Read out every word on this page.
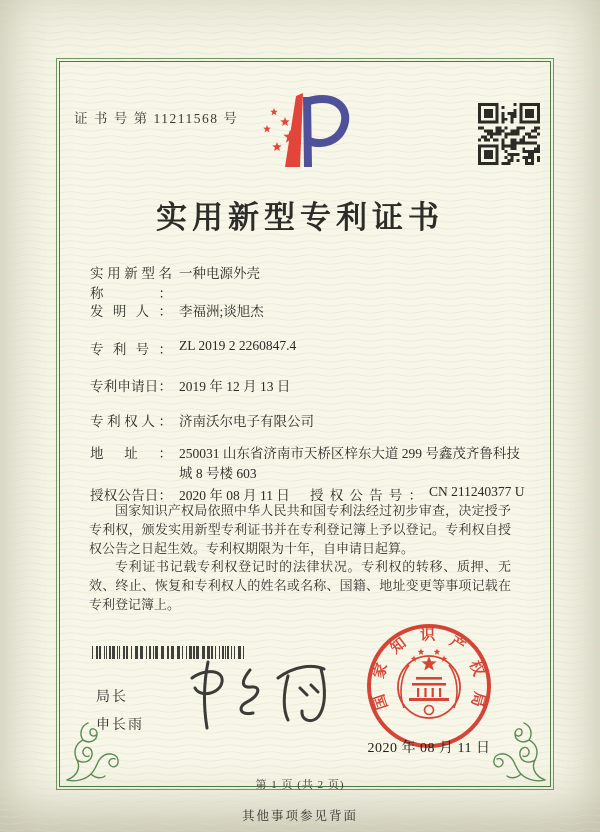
证 书 号 第 11211568 号
实用新型专利证书
实用新型名称：
一种电源外壳
发明人： 李福洲;谈旭杰
专利号： ZL 2019 2 2260847.4
专利申请日： 2019 年 12 月 13 日
专利权人： 济南沃尔电子有限公司
地址： 250031 山东省济南市天桥区梓东大道 299 号鑫茂齐鲁科技
城 8 号楼 603
授权公告日： 2020 年 08 月 11 日 授权公告号： CN 211240377 U

国家知识产权局依照中华人民共和国专利法经过初步审查，决定授予专利权，颁发实用新型专利证书并在专利登记簿上予以登记。专利权自授权公告之日起生效。专利权期限为十年，自申请日起算。

专利证书记载专利权登记时的法律状况。专利权的转移、质押、无效、终止、恢复和专利权人的姓名或名称、国籍、地址变更等事项记载在专利登记簿上。

局长
申长雨
国家知识产权局
2020 年 08 月 11 日
第 1 页 (共 2 页)
其他事项参见背面
